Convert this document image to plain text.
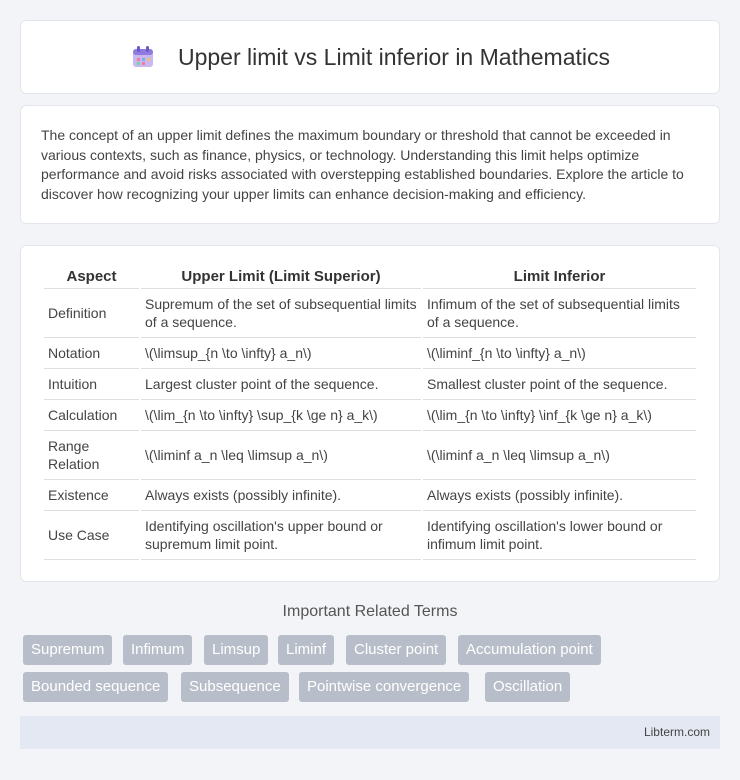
Upper limit vs Limit inferior in Mathematics

The concept of an upper limit defines the maximum boundary or threshold that cannot be exceeded in various contexts, such as finance, physics, or technology. Understanding this limit helps optimize performance and avoid risks associated with overstepping established boundaries. Explore the article to discover how recognizing your upper limits can enhance decision-making and efficiency.

Aspect	Upper Limit (Limit Superior)	Limit Inferior
Definition	Supremum of the set of subsequential limits of a sequence.	Infimum of the set of subsequential limits of a sequence.
Notation	\(\limsup_{n \to \infty} a_n\)	\(\liminf_{n \to \infty} a_n\)
Intuition	Largest cluster point of the sequence.	Smallest cluster point of the sequence.
Calculation	\(\lim_{n \to \infty} \sup_{k \ge n} a_k\)	\(\lim_{n \to \infty} \inf_{k \ge n} a_k\)
Range Relation	\(\liminf a_n \leq \limsup a_n\)	\(\liminf a_n \leq \limsup a_n\)
Existence	Always exists (possibly infinite).	Always exists (possibly infinite).
Use Case	Identifying oscillation's upper bound or supremum limit point.	Identifying oscillation's lower bound or infimum limit point.
Important Related Terms
Supremum	Infimum	Limsup	Liminf	Cluster point	Accumulation point
Bounded sequence	Subsequence	Pointwise convergence	Oscillation
Libterm.com
